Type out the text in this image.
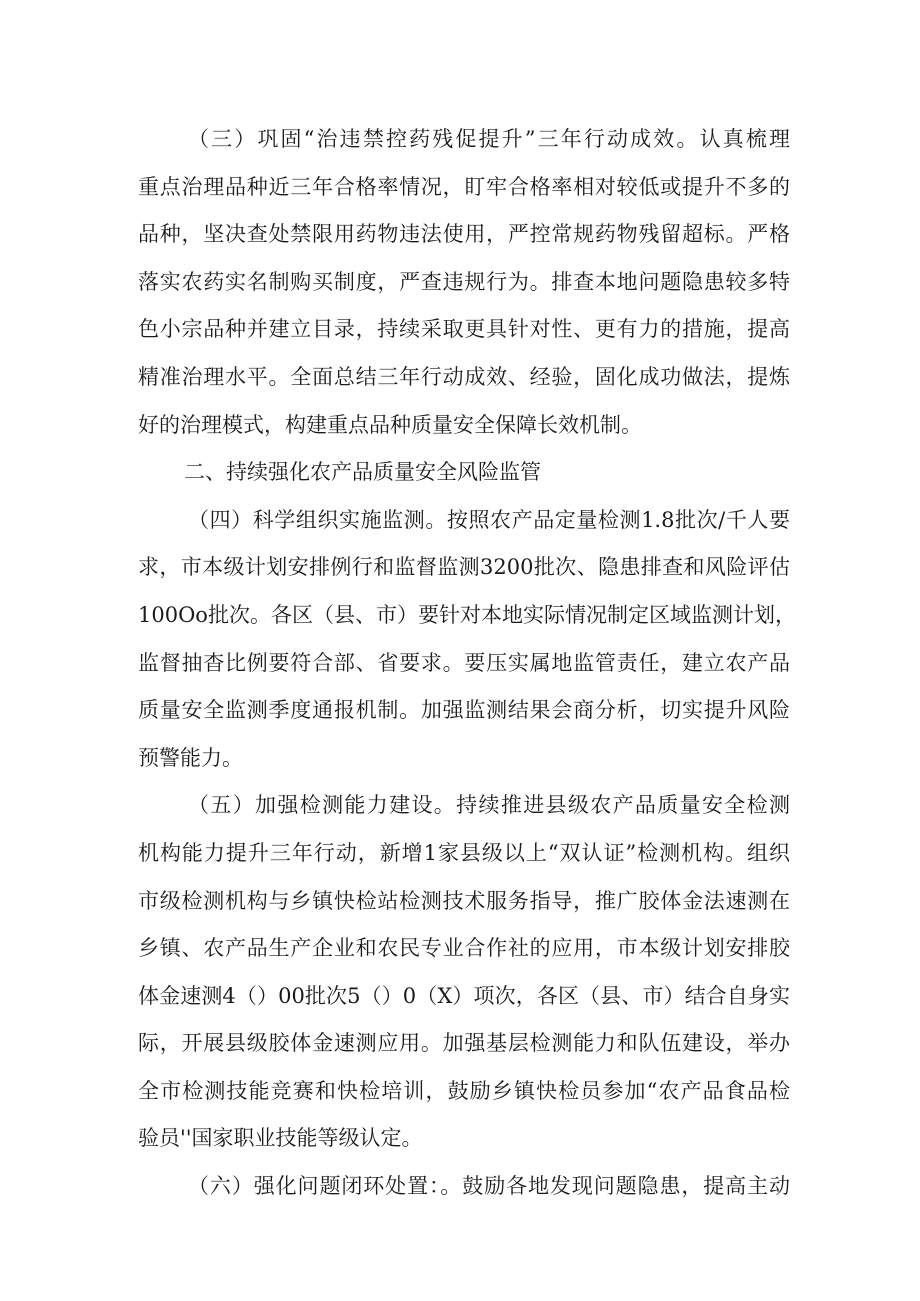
（三）巩固“治违禁控药残促提升”三年行动成效。认真梳理
重点治理品种近三年合格率情况，盯牢合格率相对较低或提升不多的
品种，坚决查处禁限用药物违法使用，严控常规药物残留超标。严格
落实农药实名制购买制度，严查违规行为。排查本地问题隐患较多特
色小宗品种并建立目录，持续采取更具针对性、更有力的措施，提高
精准治理水平。全面总结三年行动成效、经验，固化成功做法，提炼
好的治理模式，构建重点品种质量安全保障长效机制。
二、持续强化农产品质量安全风险监管
（四）科学组织实施监测。按照农产品定量检测1.8批次/千人要
求，市本级计划安排例行和监督监测3200批次、隐患排查和风险评估
100Oo批次。各区（县、市）要针对本地实际情况制定区域监测计划，
监督抽杳比例要符合部、省要求。要压实属地监管责任，建立农产品
质量安全监测季度通报机制。加强监测结果会商分析，切实提升风险
预警能力。
（五）加强检测能力建设。持续推进县级农产品质量安全检测
机构能力提升三年行动，新增1家县级以上“双认证”检测机构。组织
市级检测机构与乡镇快检站检测技术服务指导，推广胶体金法速测在
乡镇、农产品生产企业和农民专业合作社的应用，市本级计划安排胶
体金速测4（）00批次5（）0（X）项次，各区（县、市）结合自身实
际，开展县级胶体金速测应用。加强基层检测能力和队伍建设，举办
全市检测技能竞赛和快检培训，鼓励乡镇快检员参加“农产品食品检
验员''国家职业技能等级认定。
（六）强化问题闭环处置：。鼓励各地发现问题隐患，提高主动
